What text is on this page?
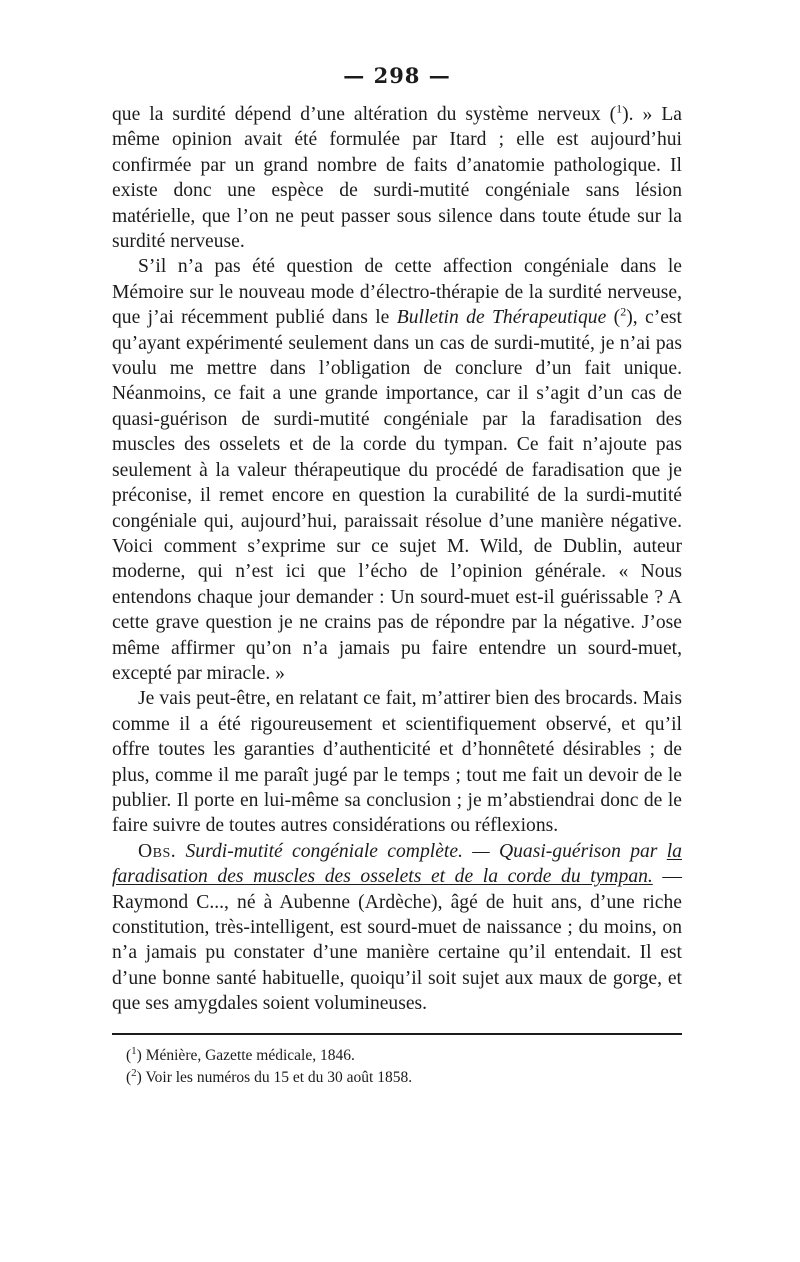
— 298 —

que la surdité dépend d’une altération du système nerveux ($^1$). » La même opinion avait été formulée par Itard ; elle est aujourd’hui confirmée par un grand nombre de faits d’anatomie pathologique. Il existe donc une espèce de surdi-mutité congéniale sans lésion matérielle, que l’on ne peut passer sous silence dans toute étude sur la surdité nerveuse.

S’il n’a pas été question de cette affection congéniale dans le Mémoire sur le nouveau mode d’électro-thérapie de la surdité nerveuse, que j’ai récemment publié dans le Bulletin de Thérapeutique ($^2$), c’est qu’ayant expérimenté seulement dans un cas de surdi-mutité, je n’ai pas voulu me mettre dans l’obligation de conclure d’un fait unique. Néanmoins, ce fait a une grande importance, car il s’agit d’un cas de quasi-guérison de surdi-mutité congéniale par la faradisation des muscles des osselets et de la corde du tympan. Ce fait n’ajoute pas seulement à la valeur thérapeutique du procédé de faradisation que je préconise, il remet encore en question la curabilité de la surdi-mutité congéniale qui, aujourd’hui, paraissait résolue d’une manière négative. Voici comment s’exprime sur ce sujet M. Wild, de Dublin, auteur moderne, qui n’est ici que l’écho de l’opinion générale. « Nous entendons chaque jour demander : Un sourd-muet est-il guérissable ? A cette grave question je ne crains pas de répondre par la négative. J’ose même affirmer qu’on n’a jamais pu faire entendre un sourd-muet, excepté par miracle. »

Je vais peut-être, en relatant ce fait, m’attirer bien des brocards. Mais comme il a été rigoureusement et scientifiquement observé, et qu’il offre toutes les garanties d’authenticité et d’honnêteté désirables ; de plus, comme il me paraît jugé par le temps ; tout me fait un devoir de le publier. Il porte en lui-même sa conclusion ; je m’abstiendrai donc de le faire suivre de toutes autres considérations ou réflexions.

Obs. Surdi-mutité congéniale complète. — Quasi-guérison par la faradisation des muscles des osselets et de la corde du tympan. — Raymond C..., né à Aubenne (Ardèche), âgé de huit ans, d’une riche constitution, très-intelligent, est sourd-muet de naissance ; du moins, on n’a jamais pu constater d’une manière certaine qu’il entendait. Il est d’une bonne santé habituelle, quoiqu’il soit sujet aux maux de gorge, et que ses amygdales soient volumineuses.

($^1$) Ménière, Gazette médicale, 1846.

($^2$) Voir les numéros du 15 et du 30 août 1858.
